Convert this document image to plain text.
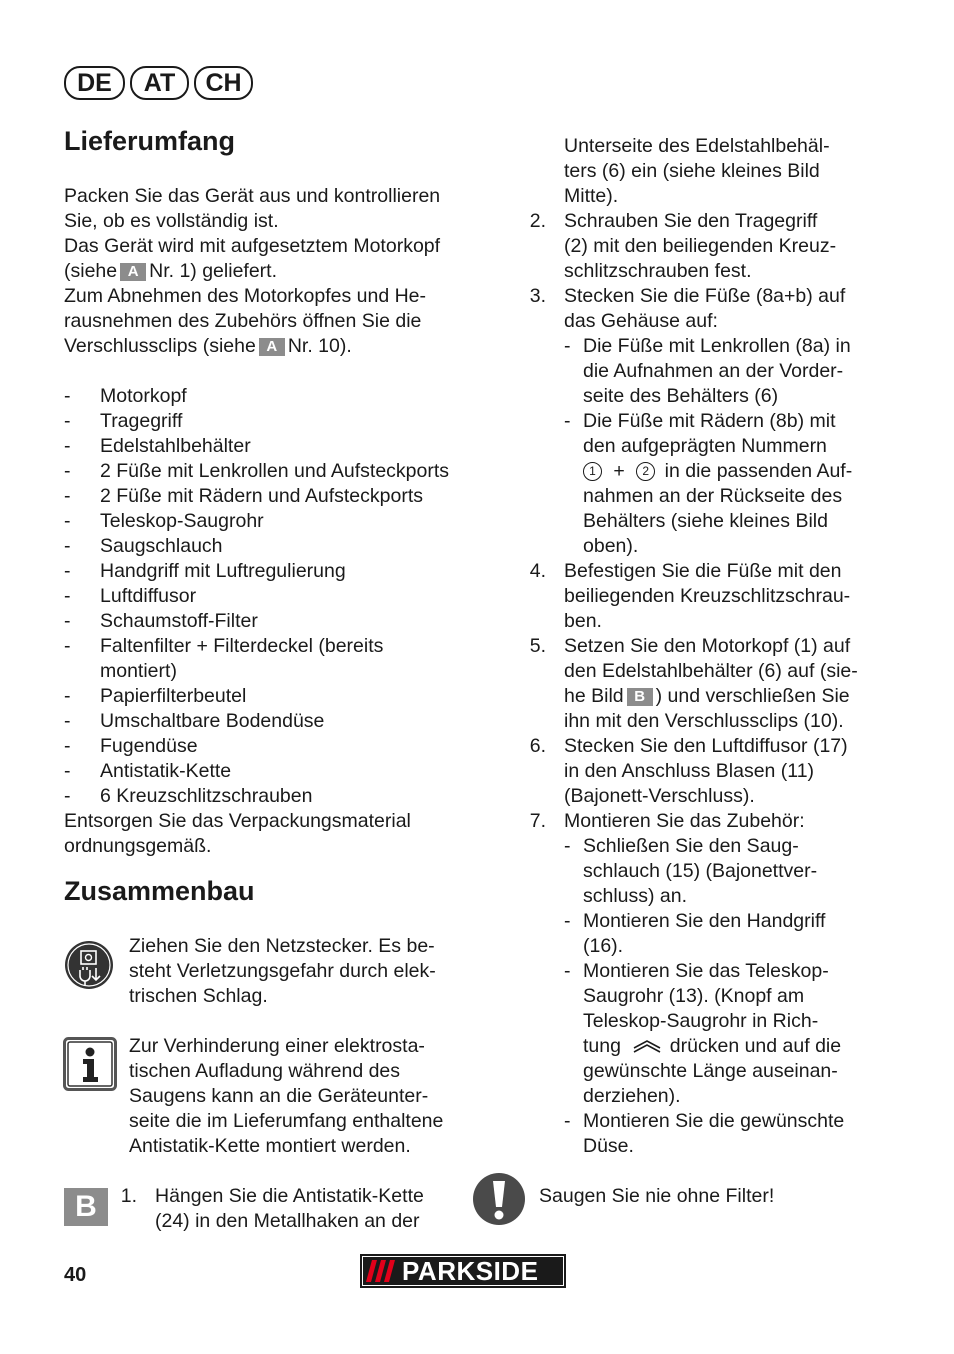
DE	AT	CH
Lieferumfang
Packen Sie das Gerät aus und kontrollieren
Sie, ob es vollständig ist.
Das Gerät wird mit aufgesetztem Motorkopf
(siehe A Nr. 1) geliefert.
Zum Abnehmen des Motorkopfes und He-
rausnehmen des Zubehörs öffnen Sie die
Verschlussclips (siehe A Nr. 10).
- Motorkopf
- Tragegriff
- Edelstahlbehälter
- 2 Füße mit Lenkrollen und Aufsteckports
- 2 Füße mit Rädern und Aufsteckports
- Teleskop-Saugrohr
- Saugschlauch
- Handgriff mit Luftregulierung
- Luftdiffusor
- Schaumstoff-Filter
- Faltenfilter + Filterdeckel (bereits
montiert)
- Papierfilterbeutel
- Umschaltbare Bodendüse
- Fugendüse
- Antistatik-Kette
- 6 Kreuzschlitzschrauben
Entsorgen Sie das Verpackungsmaterial
ordnungsgemäß.
Zusammenbau
Ziehen Sie den Netzstecker. Es be-
steht Verletzungsgefahr durch elek-
trischen Schlag.
Zur Verhinderung einer elektrosta-
tischen Aufladung während des
Saugens kann an die Geräteunter-
seite die im Lieferumfang enthaltene
Antistatik-Kette montiert werden.
B	1. Hängen Sie die Antistatik-Kette
(24) in den Metallhaken an der
Unterseite des Edelstahlbehäl-
ters (6) ein (siehe kleines Bild
Mitte).
2. Schrauben Sie den Tragegriff
(2) mit den beiliegenden Kreuz-
schlitzschrauben fest.
3. Stecken Sie die Füße (8a+b) auf
das Gehäuse auf:
- Die Füße mit Lenkrollen (8a) in
die Aufnahmen an der Vorder-
seite des Behälters (6)
- Die Füße mit Rädern (8b) mit
den aufgeprägten Nummern
1 + 2 in die passenden Auf-
nahmen an der Rückseite des
Behälters (siehe kleines Bild
oben).
4. Befestigen Sie die Füße mit den
beiliegenden Kreuzschlitzschrau-
ben.
5. Setzen Sie den Motorkopf (1) auf
den Edelstahlbehälter (6) auf (sie-
he Bild B ) und verschließen Sie
ihn mit den Verschlussclips (10).
6. Stecken Sie den Luftdiffusor (17)
in den Anschluss Blasen (11)
(Bajonett-Verschluss).
7. Montieren Sie das Zubehör:
- Schließen Sie den Saug-
schlauch (15) (Bajonettver-
schluss) an.
- Montieren Sie den Handgriff
(16).
- Montieren Sie das Teleskop-
Saugrohr (13). (Knopf am
Teleskop-Saugrohr in Rich-
tung	drücken und auf die
gewünschte Länge auseinan-
derziehen).
- Montieren Sie die gewünschte
Düse.
Saugen Sie nie ohne Filter!
40	PARKSIDE
